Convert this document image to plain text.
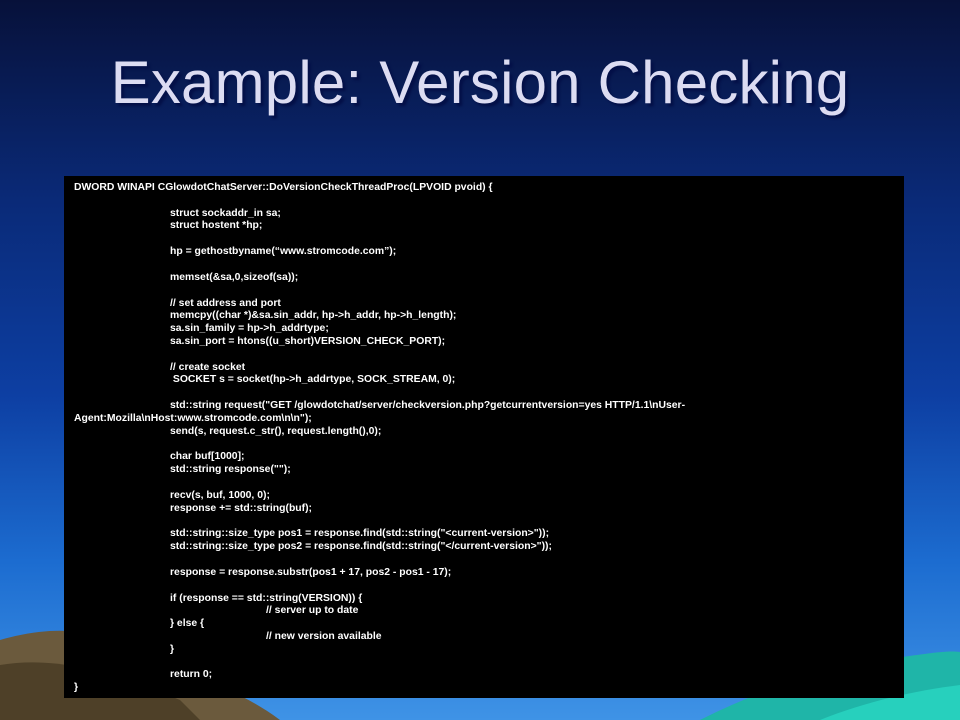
Example: Version Checking
DWORD WINAPI CGlowdotChatServer::DoVersionCheckThreadProc(LPVOID pvoid) {
struct sockaddr_in sa;
struct hostent *hp;
hp = gethostbyname(“www.stromcode.com”);
memset(&sa,0,sizeof(sa));
// set address and port
memcpy((char *)&sa.sin_addr, hp->h_addr, hp->h_length);
sa.sin_family = hp->h_addrtype;
sa.sin_port = htons((u_short)VERSION_CHECK_PORT);
// create socket
SOCKET s = socket(hp->h_addrtype, SOCK_STREAM, 0);
std::string request("GET /glowdotchat/server/checkversion.php?getcurrentversion=yes HTTP/1.1\nUser-
Agent:Mozilla\nHost:www.stromcode.com\n\n");
send(s, request.c_str(), request.length(),0);
char buf[1000];
std::string response("");
recv(s, buf, 1000, 0);
response += std::string(buf);
std::string::size_type pos1 = response.find(std::string("<current-version>"));
std::string::size_type pos2 = response.find(std::string("</current-version>"));
response = response.substr(pos1 + 17, pos2 - pos1 - 17);
if (response == std::string(VERSION)) {
// server up to date
} else {
// new version available
}
return 0;
}
